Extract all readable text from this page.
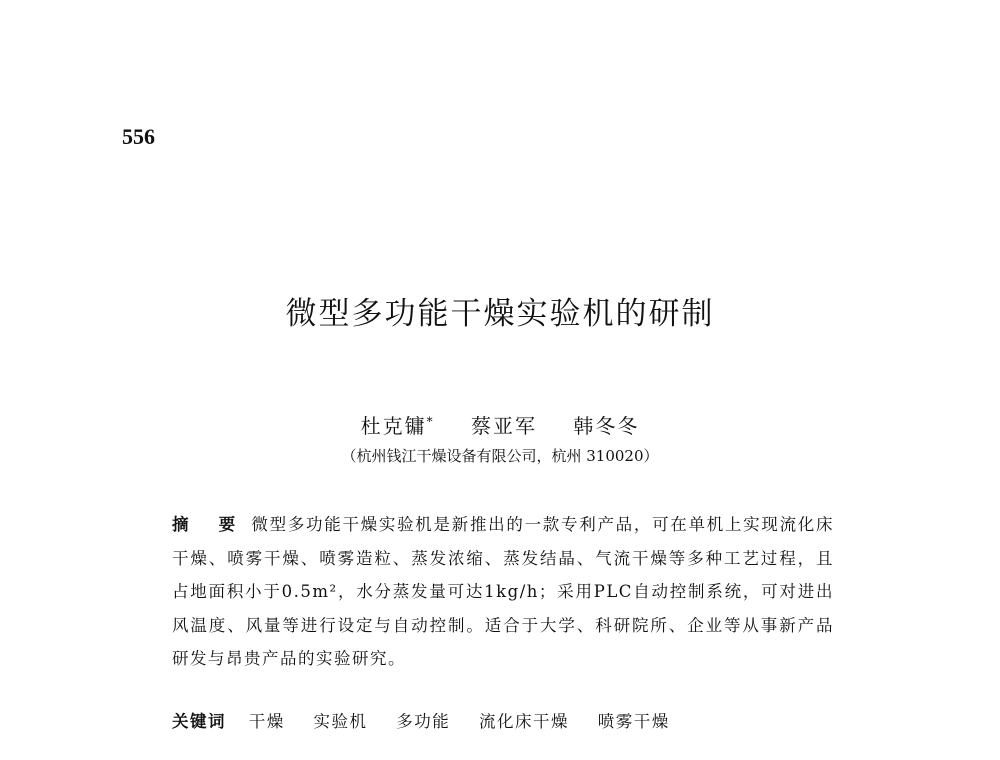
556
微型多功能干燥实验机的研制
杜克镛* 蔡亚军 韩冬冬
（杭州钱江干燥设备有限公司，杭州 310020）
摘 要 微型多功能干燥实验机是新推出的一款专利产品，可在单机上实现流化床干燥、喷雾干燥、喷雾造粒、蒸发浓缩、蒸发结晶、气流干燥等多种工艺过程，且占地面积小于0.5m²，水分蒸发量可达1kg/h；采用PLC自动控制系统，可对进出风温度、风量等进行设定与自动控制。适合于大学、科研院所、企业等从事新产品研发与昂贵产品的实验研究。
关键词 干燥 实验机 多功能 流化床干燥 喷雾干燥
